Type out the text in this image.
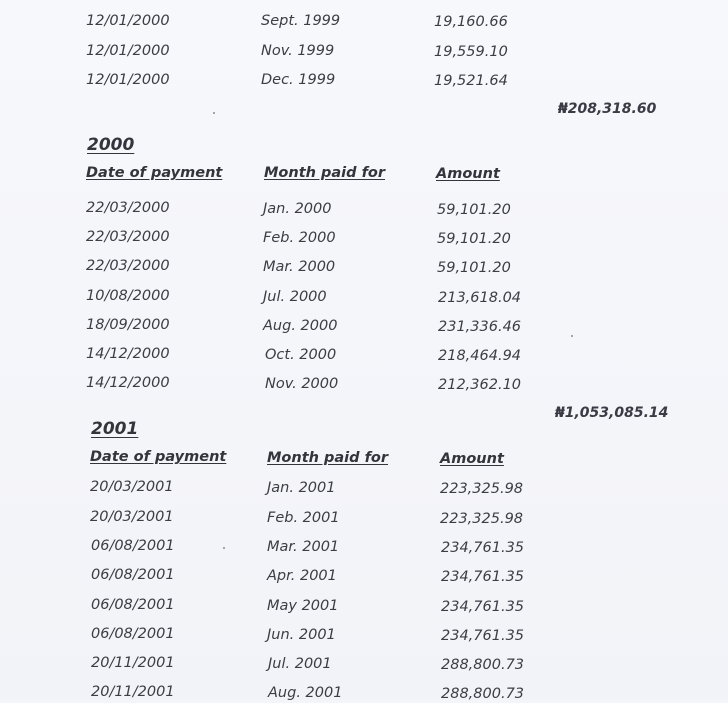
12/01/2000	Sept. 1999	19,160.66
12/01/2000	Nov. 1999	19,559.10
12/01/2000	Dec. 1999	19,521.64
₦208,318.60
2000
Date of payment	Month paid for	Amount
22/03/2000	Jan. 2000	59,101.20
22/03/2000	Feb. 2000	59,101.20
22/03/2000	Mar. 2000	59,101.20
10/08/2000	Jul. 2000	213,618.04
18/09/2000	Aug. 2000	231,336.46
14/12/2000	Oct. 2000	218,464.94
14/12/2000	Nov. 2000	212,362.10
₦1,053,085.14
2001
Date of payment	Month paid for	Amount
20/03/2001	Jan. 2001	223,325.98
20/03/2001	Feb. 2001	223,325.98
06/08/2001	Mar. 2001	234,761.35
06/08/2001	Apr. 2001	234,761.35
06/08/2001	May 2001	234,761.35
06/08/2001	Jun. 2001	234,761.35
20/11/2001	Jul. 2001	288,800.73
20/11/2001	Aug. 2001	288,800.73
